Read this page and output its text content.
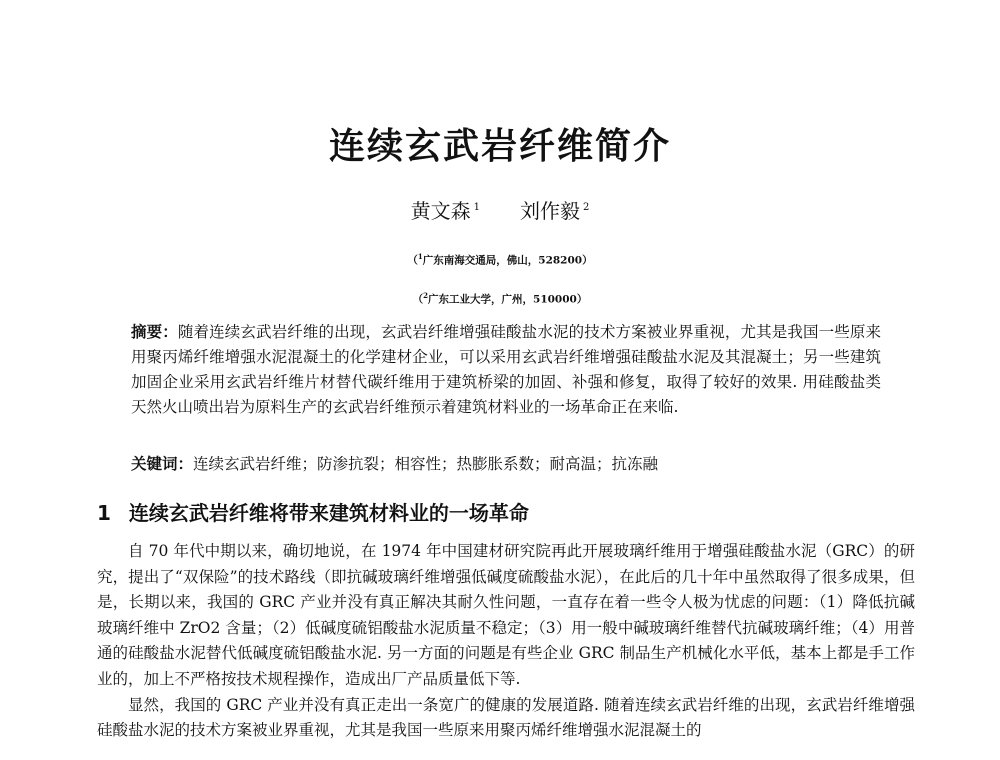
连续玄武岩纤维简介
黄文森 $^1$ 刘作毅 $^2$
（$^1$广东南海交通局，佛山，528200）
（$^2$广东工业大学，广州，510000）

摘要：随着连续玄武岩纤维的出现，玄武岩纤维增强硅酸盐水泥的技术方案被业界重视，尤其是我国一些原来用聚丙烯纤维增强水泥混凝土的化学建材企业，可以采用玄武岩纤维增强硅酸盐水泥及其混凝土；另一些建筑加固企业采用玄武岩纤维片材替代碳纤维用于建筑桥梁的加固、补强和修复，取得了较好的效果. 用硅酸盐类天然火山喷出岩为原料生产的玄武岩纤维预示着建筑材料业的一场革命正在来临.

关键词：连续玄武岩纤维；防渗抗裂；相容性；热膨胀系数；耐高温；抗冻融

1 连续玄武岩纤维将带来建筑材料业的一场革命

自 70 年代中期以来，确切地说，在 1974 年中国建材研究院再此开展玻璃纤维用于增强硅酸盐水泥（GRC）的研究，提出了“双保险”的技术路线（即抗碱玻璃纤维增强低碱度硫酸盐水泥），在此后的几十年中虽然取得了很多成果，但是，长期以来，我国的 GRC 产业并没有真正解决其耐久性问题，一直存在着一些令人极为忧虑的问题：（1）降低抗碱玻璃纤维中 ZrO2 含量；（2）低碱度硫铝酸盐水泥质量不稳定；（3）用一般中碱玻璃纤维替代抗碱玻璃纤维；（4）用普通的硅酸盐水泥替代低碱度硫铝酸盐水泥. 另一方面的问题是有些企业 GRC 制品生产机械化水平低，基本上都是手工作业的，加上不严格按技术规程操作，造成出厂产品质量低下等.

显然，我国的 GRC 产业并没有真正走出一条宽广的健康的发展道路. 随着连续玄武岩纤维的出现，玄武岩纤维增强硅酸盐水泥的技术方案被业界重视，尤其是我国一些原来用聚丙烯纤维增强水泥混凝土的
